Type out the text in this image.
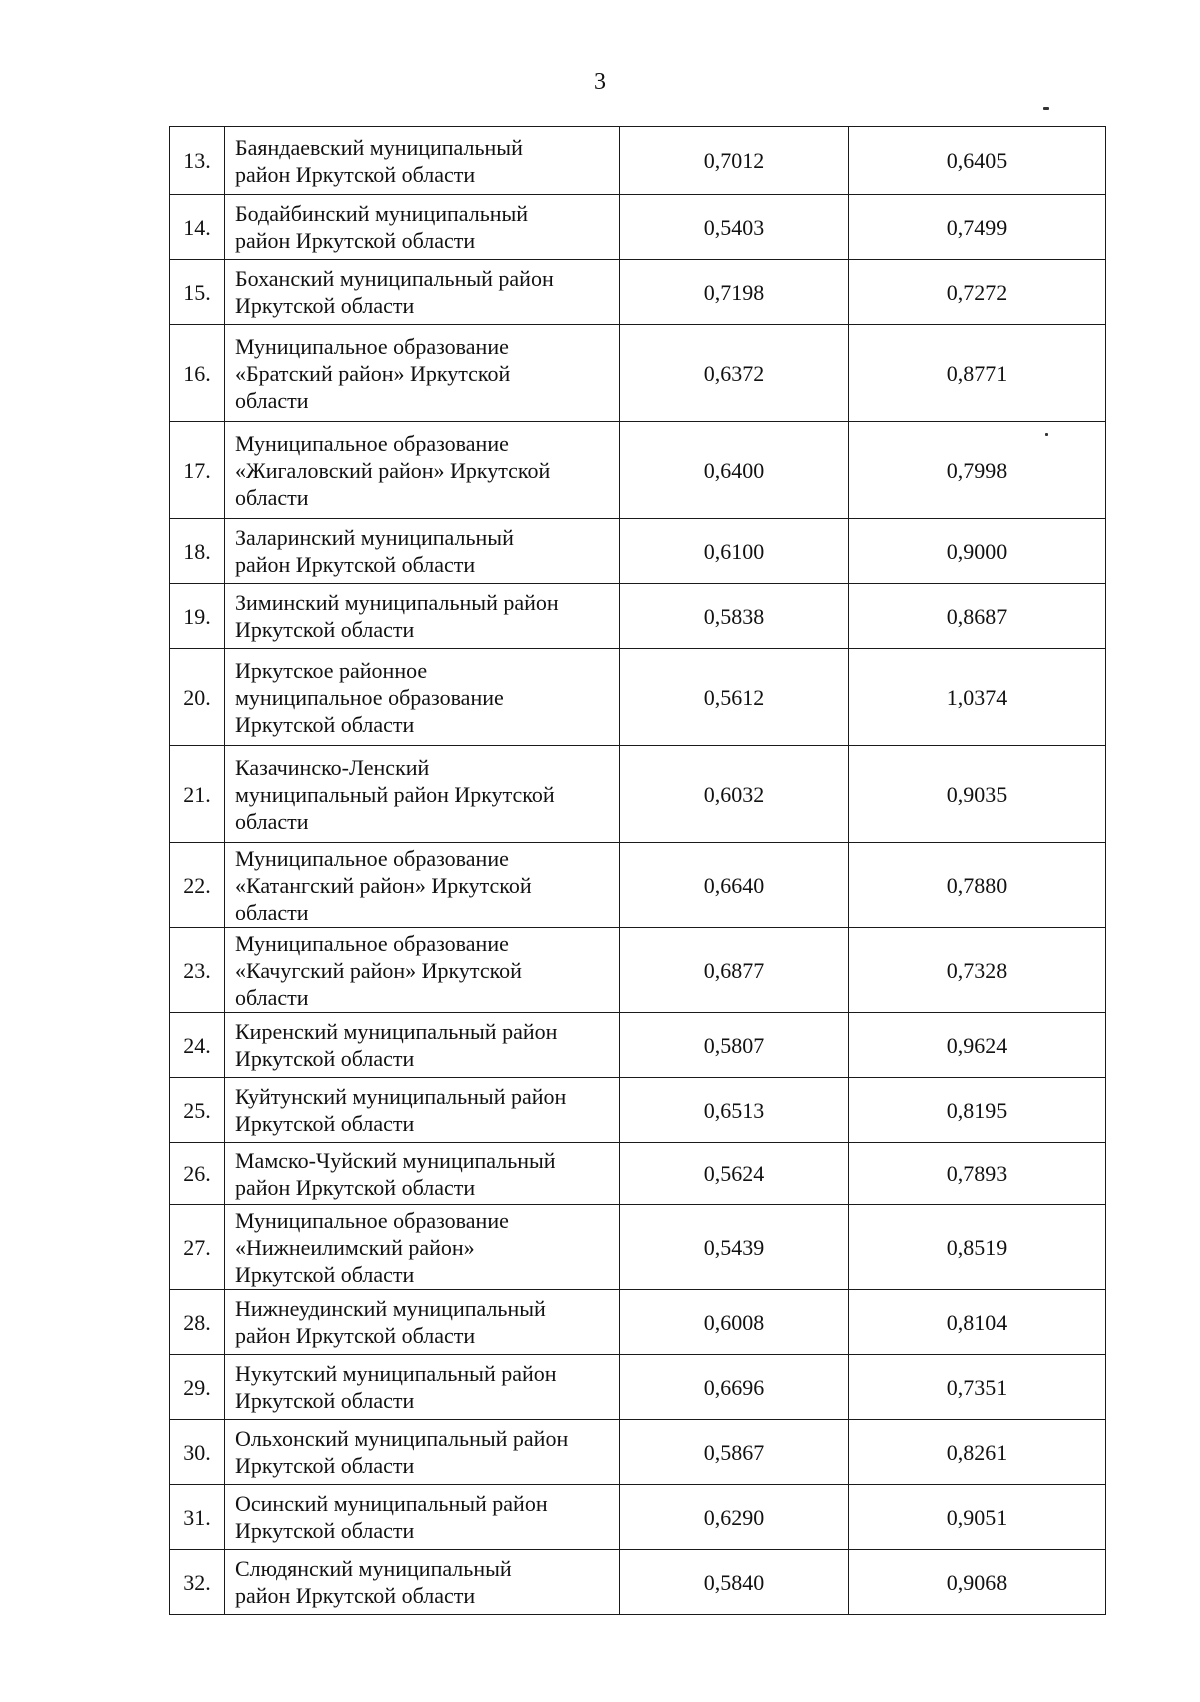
3
13.	Баяндаевский муниципальный
район Иркутской области	0,7012	0,6405
14.	Бодайбинский муниципальный
район Иркутской области	0,5403	0,7499
15.	Боханский муниципальный район
Иркутской области	0,7198	0,7272
16.	Муниципальное образование
«Братский район» Иркутской
области	0,6372	0,8771
17.	Муниципальное образование
«Жигаловский район» Иркутской
области	0,6400	0,7998
18.	Заларинский муниципальный
район Иркутской области	0,6100	0,9000
19.	Зиминский муниципальный район
Иркутской области	0,5838	0,8687
20.	Иркутское районное
муниципальное образование
Иркутской области	0,5612	1,0374
21.	Казачинско-Ленский
муниципальный район Иркутской
области	0,6032	0,9035
22.	Муниципальное образование
«Катангский район» Иркутской
области	0,6640	0,7880
23.	Муниципальное образование
«Качугский район» Иркутской
области	0,6877	0,7328
24.	Киренский муниципальный район
Иркутской области	0,5807	0,9624
25.	Куйтунский муниципальный район
Иркутской области	0,6513	0,8195
26.	Мамско-Чуйский муниципальный
район Иркутской области	0,5624	0,7893
27.	Муниципальное образование
«Нижнеилимский район»
Иркутской области	0,5439	0,8519
28.	Нижнеудинский муниципальный
район Иркутской области	0,6008	0,8104
29.	Нукутский муниципальный район
Иркутской области	0,6696	0,7351
30.	Ольхонский муниципальный район
Иркутской области	0,5867	0,8261
31.	Осинский муниципальный район
Иркутской области	0,6290	0,9051
32.	Слюдянский муниципальный
район Иркутской области	0,5840	0,9068
